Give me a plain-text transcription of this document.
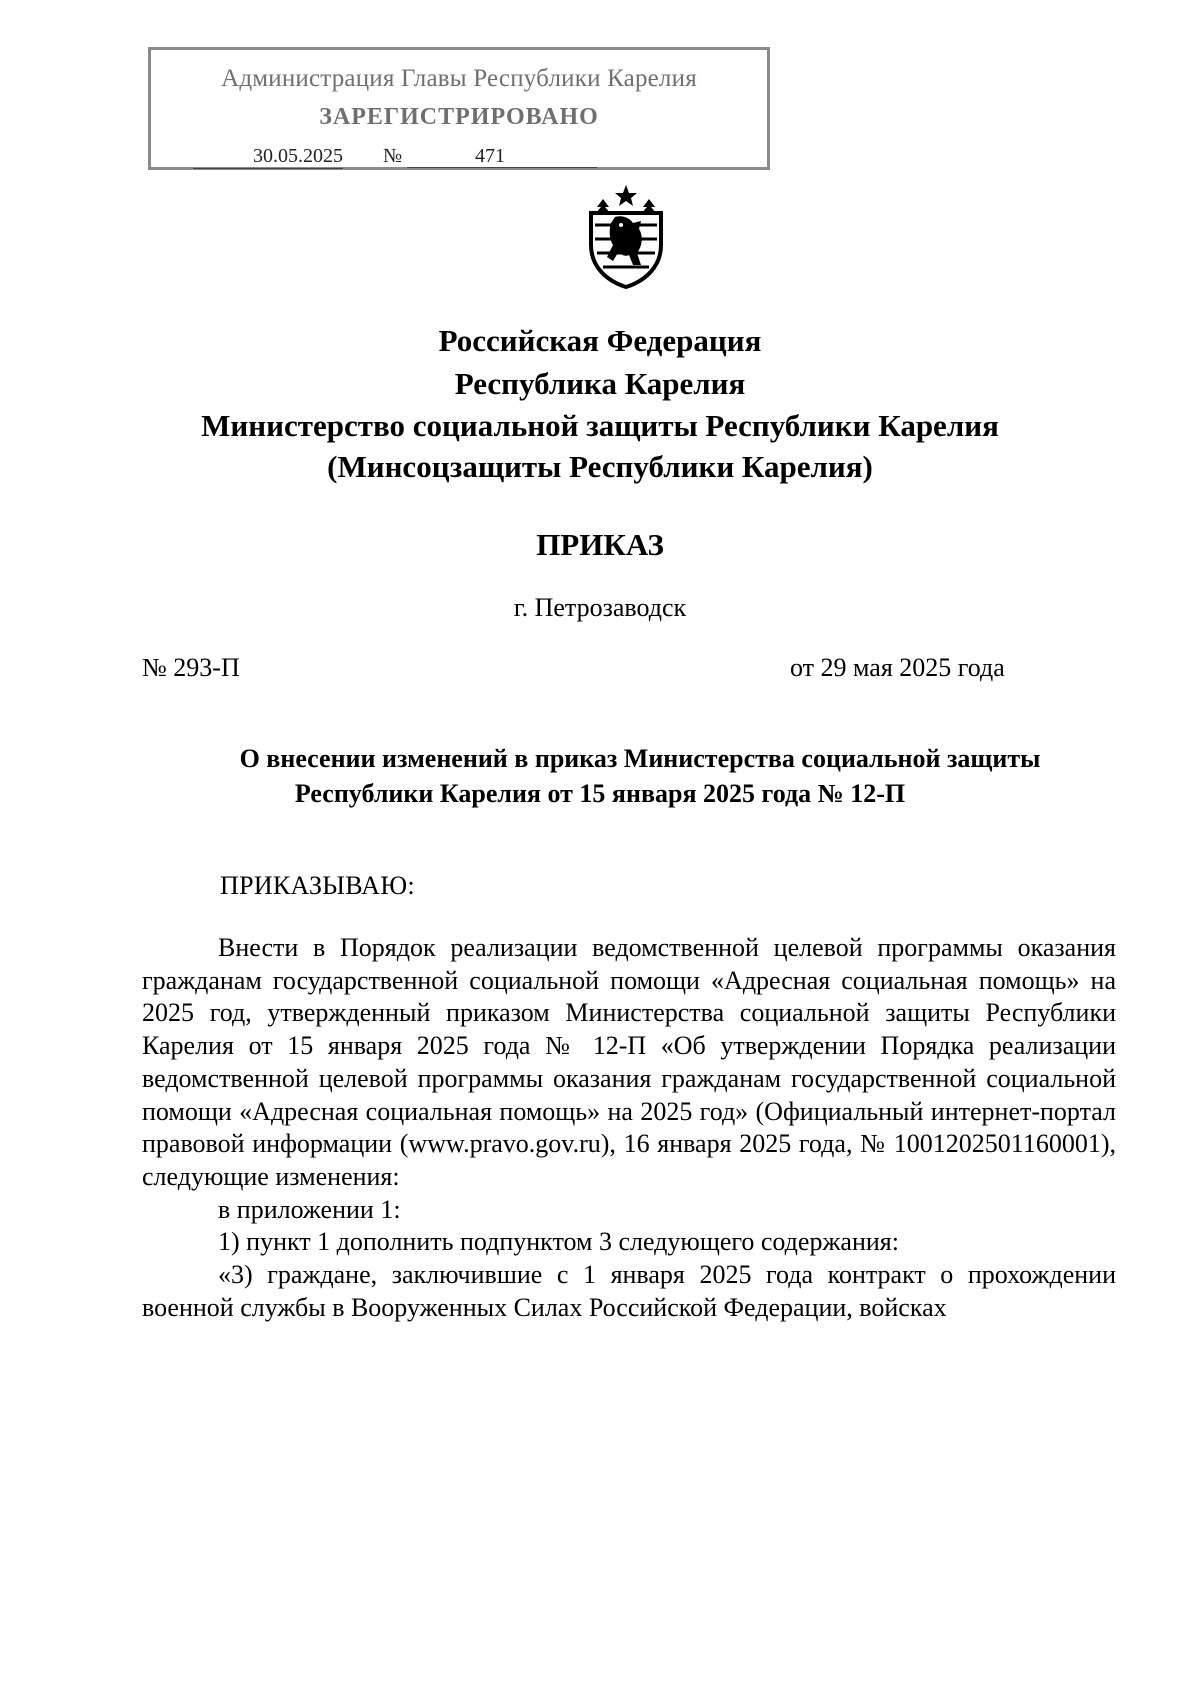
Администрация Главы Республики Карелия
ЗАРЕГИСТРИРОВАНО
30.05.2025 №	471
Российская Федерация
Республика Карелия
Министерство социальной защиты Республики Карелия
(Минсоцзащиты Республики Карелия)
ПРИКАЗ
г. Петрозаводск
№ 293-П	от 29 мая 2025 года
О внесении изменений в приказ Министерства социальной защиты
Республики Карелия от 15 января 2025 года № 12-П
ПРИКАЗЫВАЮ:

Внести в Порядок реализации ведомственной целевой программы оказания гражданам государственной социальной помощи «Адресная социальная помощь» на 2025 год, утвержденный приказом Министерства социальной защиты Республики Карелия от 15 января 2025 года № 12-П «Об утверждении Порядка реализации ведомственной целевой программы оказания гражданам государственной социальной помощи «Адресная социальная помощь» на 2025 год» (Официальный интернет-портал правовой информации (www.pravo.gov.ru), 16 января 2025 года, № 1001202501160001), следующие изменения:

в приложении 1:

1) пункт 1 дополнить подпунктом 3 следующего содержания:

«3) граждане, заключившие с 1 января 2025 года контракт о прохождении военной службы в Вооруженных Силах Российской Федерации, войсках
